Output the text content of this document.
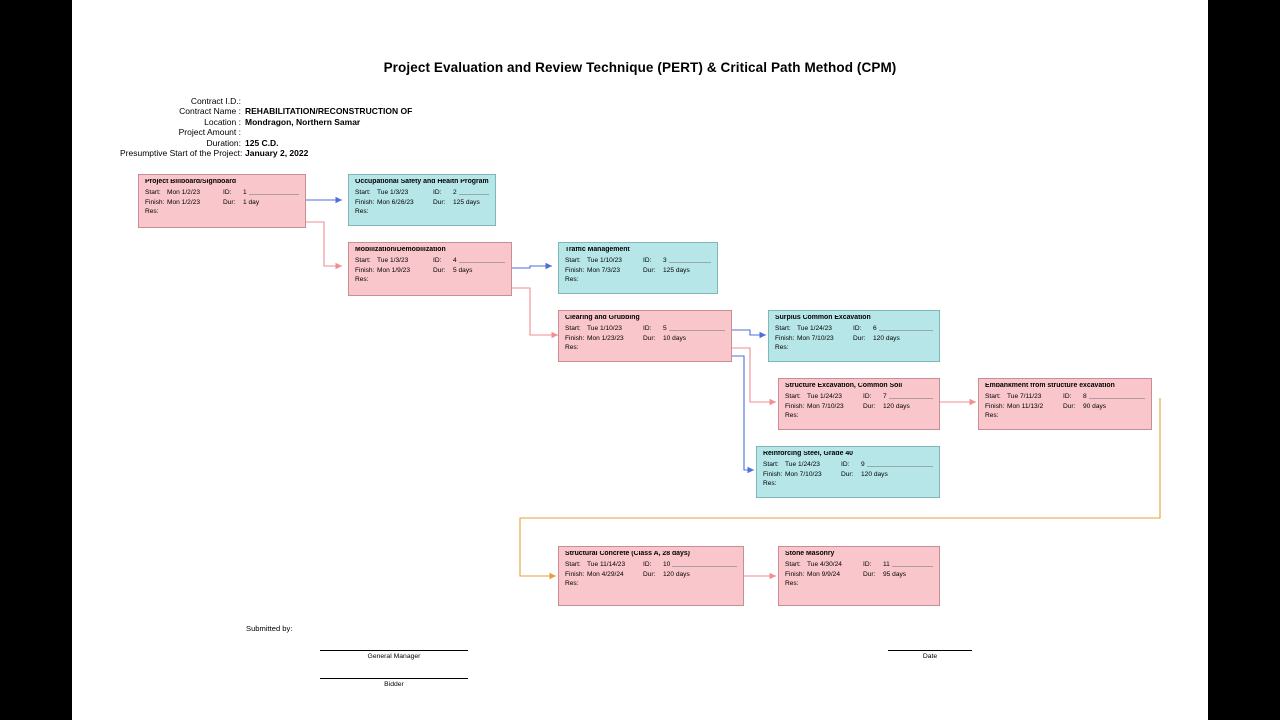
Project Evaluation and Review Technique (PERT) & Critical Path Method (CPM)
Contract I.D.:
Contract Name : REHABILITATION/RECONSTRUCTION OF
Location : Mondragon, Northern Samar
Project Amount :
Duration: 125 C.D.
Presumptive Start of the Project: January 2, 2022
Project Billboard/Signboard
Start: Mon 1/2/23	ID:	1
Finish: Mon 1/2/23	Dur:	1 day
Res:
Occupational Safety and Health Program
Start: Tue 1/3/23	ID:	2
Finish: Mon 6/26/23	Dur:	125 days
Res:
Mobilization/Demobilization
Start: Tue 1/3/23	ID:	4
Finish: Mon 1/9/23	Dur:	5 days
Res:
Traffic Management
Start: Tue 1/10/23	ID:	3
Finish: Mon 7/3/23	Dur:	125 days
Res:
Clearing and Grubbing
Start: Tue 1/10/23	ID:	5
Finish: Mon 1/23/23	Dur:	10 days
Res:
Surplus Common Excavation
Start: Tue 1/24/23	ID:	6
Finish: Mon 7/10/23	Dur:	120 days
Res:
Structure Excavation, Common Soil
Start: Tue 1/24/23	ID:	7
Finish: Mon 7/10/23	Dur:	120 days
Res:
Embankment from structure excavation
Start: Tue 7/11/23	ID:	8
Finish: Mon 11/13/2	Dur:	90 days
Res:
Reinforcing Steel, Grade 40
Start: Tue 1/24/23	ID:	9
Finish: Mon 7/10/23	Dur:	120 days
Res:
Structural Concrete (Class A, 28 days)
Start: Tue 11/14/23	ID:	10
Finish: Mon 4/29/24	Dur:	120 days
Res:
Stone Masonry
Start: Tue 4/30/24	ID:	11
Finish: Mon 9/9/24	Dur:	95 days
Res:
Submitted by:
General Manager
Bidder
Date
